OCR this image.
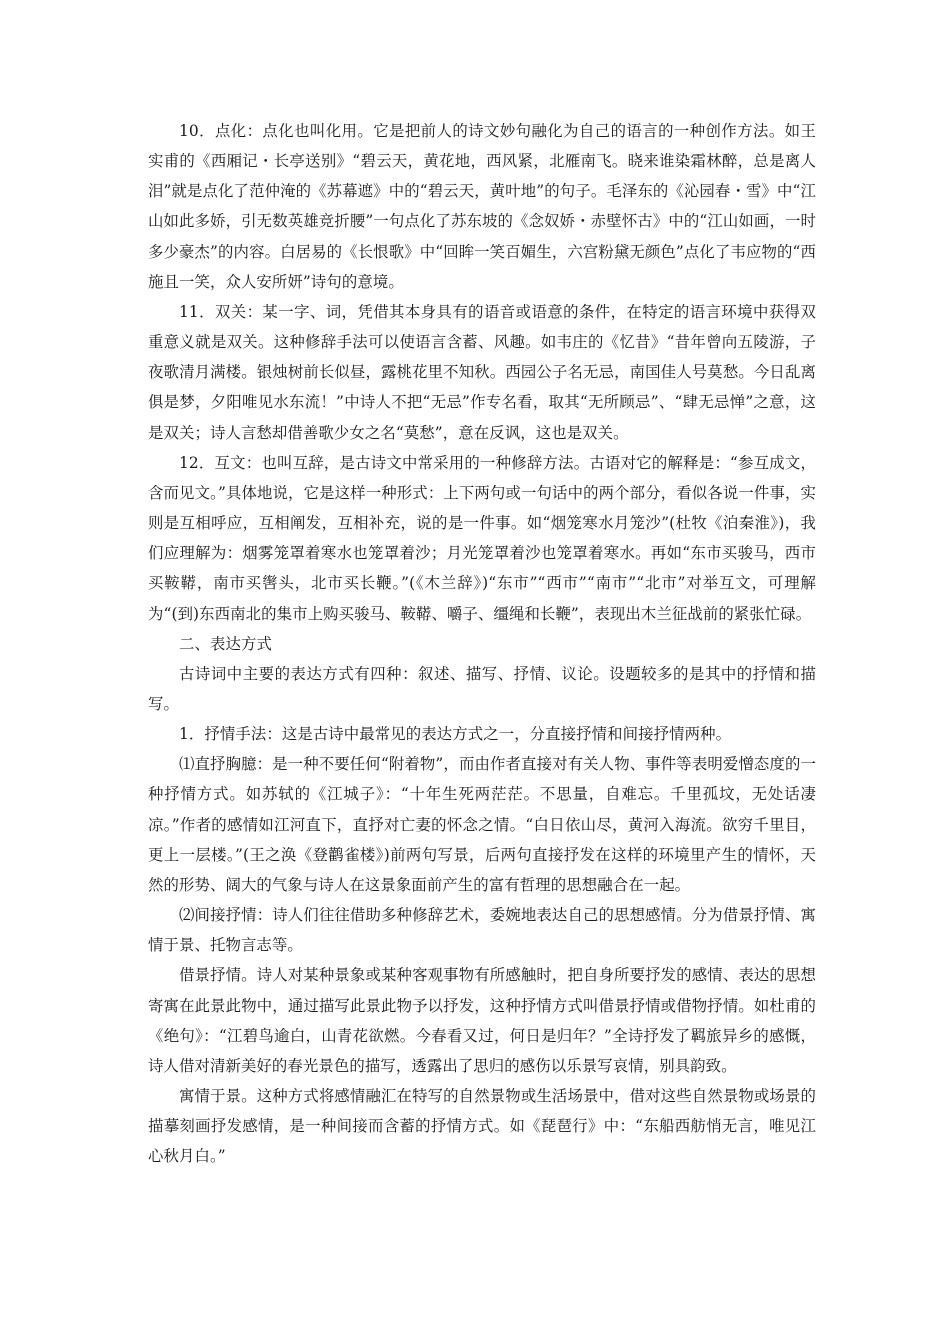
10．点化：点化也叫化用。它是把前人的诗文妙句融化为自己的语言的一种创作方法。如王实甫的《西厢记・长亭送别》“碧云天，黄花地，西风紧，北雁南飞。晓来谁染霜林醉，总是离人泪”就是点化了范仲淹的《苏幕遮》中的“碧云天，黄叶地”的句子。毛泽东的《沁园春・雪》中“江山如此多娇，引无数英雄竞折腰”一句点化了苏东坡的《念奴娇・赤壁怀古》中的“江山如画，一时多少豪杰”的内容。白居易的《长恨歌》中“回眸一笑百媚生，六宫粉黛无颜色”点化了韦应物的“西施且一笑，众人安所妍”诗句的意境。

11．双关：某一字、词，凭借其本身具有的语音或语意的条件，在特定的语言环境中获得双重意义就是双关。这种修辞手法可以使语言含蓄、风趣。如韦庄的《忆昔》“昔年曾向五陵游，子夜歌清月满楼。银烛树前长似昼，露桃花里不知秋。西园公子名无忌，南国佳人号莫愁。今日乱离俱是梦，夕阳唯见水东流！”中诗人不把“无忌”作专名看，取其“无所顾忌”、“肆无忌惮”之意，这是双关；诗人言愁却借善歌少女之名“莫愁”，意在反讽，这也是双关。

12．互文：也叫互辞，是古诗文中常采用的一种修辞方法。古语对它的解释是：“参互成文，含而见文。”具体地说，它是这样一种形式：上下两句或一句话中的两个部分，看似各说一件事，实则是互相呼应，互相阐发，互相补充，说的是一件事。如“烟笼寒水月笼沙”(杜牧《泊秦淮》)，我们应理解为：烟雾笼罩着寒水也笼罩着沙；月光笼罩着沙也笼罩着寒水。再如“东市买骏马，西市买鞍鞯，南市买辔头，北市买长鞭。”(《木兰辞》)“东市”“西市”“南市”“北市”对举互文，可理解为“(到)东西南北的集市上购买骏马、鞍鞯、嚼子、缰绳和长鞭”，表现出木兰征战前的紧张忙碌。

二、表达方式

古诗词中主要的表达方式有四种：叙述、描写、抒情、议论。设题较多的是其中的抒情和描写。

1．抒情手法：这是古诗中最常见的表达方式之一，分直接抒情和间接抒情两种。

⑴直抒胸臆：是一种不要任何“附着物”，而由作者直接对有关人物、事件等表明爱憎态度的一种抒情方式。如苏轼的《江城子》：“十年生死两茫茫。不思量，自难忘。千里孤坟，无处话凄凉。”作者的感情如江河直下，直抒对亡妻的怀念之情。“白日依山尽，黄河入海流。欲穷千里目，更上一层楼。”(王之涣《登鹳雀楼》)前两句写景，后两句直接抒发在这样的环境里产生的情怀，天然的形势、阔大的气象与诗人在这景象面前产生的富有哲理的思想融合在一起。

⑵间接抒情：诗人们往往借助多种修辞艺术，委婉地表达自己的思想感情。分为借景抒情、寓情于景、托物言志等。

借景抒情。诗人对某种景象或某种客观事物有所感触时，把自身所要抒发的感情、表达的思想寄寓在此景此物中，通过描写此景此物予以抒发，这种抒情方式叫借景抒情或借物抒情。如杜甫的《绝句》：“江碧鸟逾白，山青花欲燃。今春看又过，何日是归年？”全诗抒发了羁旅异乡的感慨，诗人借对清新美好的春光景色的描写，透露出了思归的感伤以乐景写哀情，别具韵致。

寓情于景。这种方式将感情融汇在特写的自然景物或生活场景中，借对这些自然景物或场景的描摹刻画抒发感情，是一种间接而含蓄的抒情方式。如《琵琶行》中：“东船西舫悄无言，唯见江心秋月白。”
